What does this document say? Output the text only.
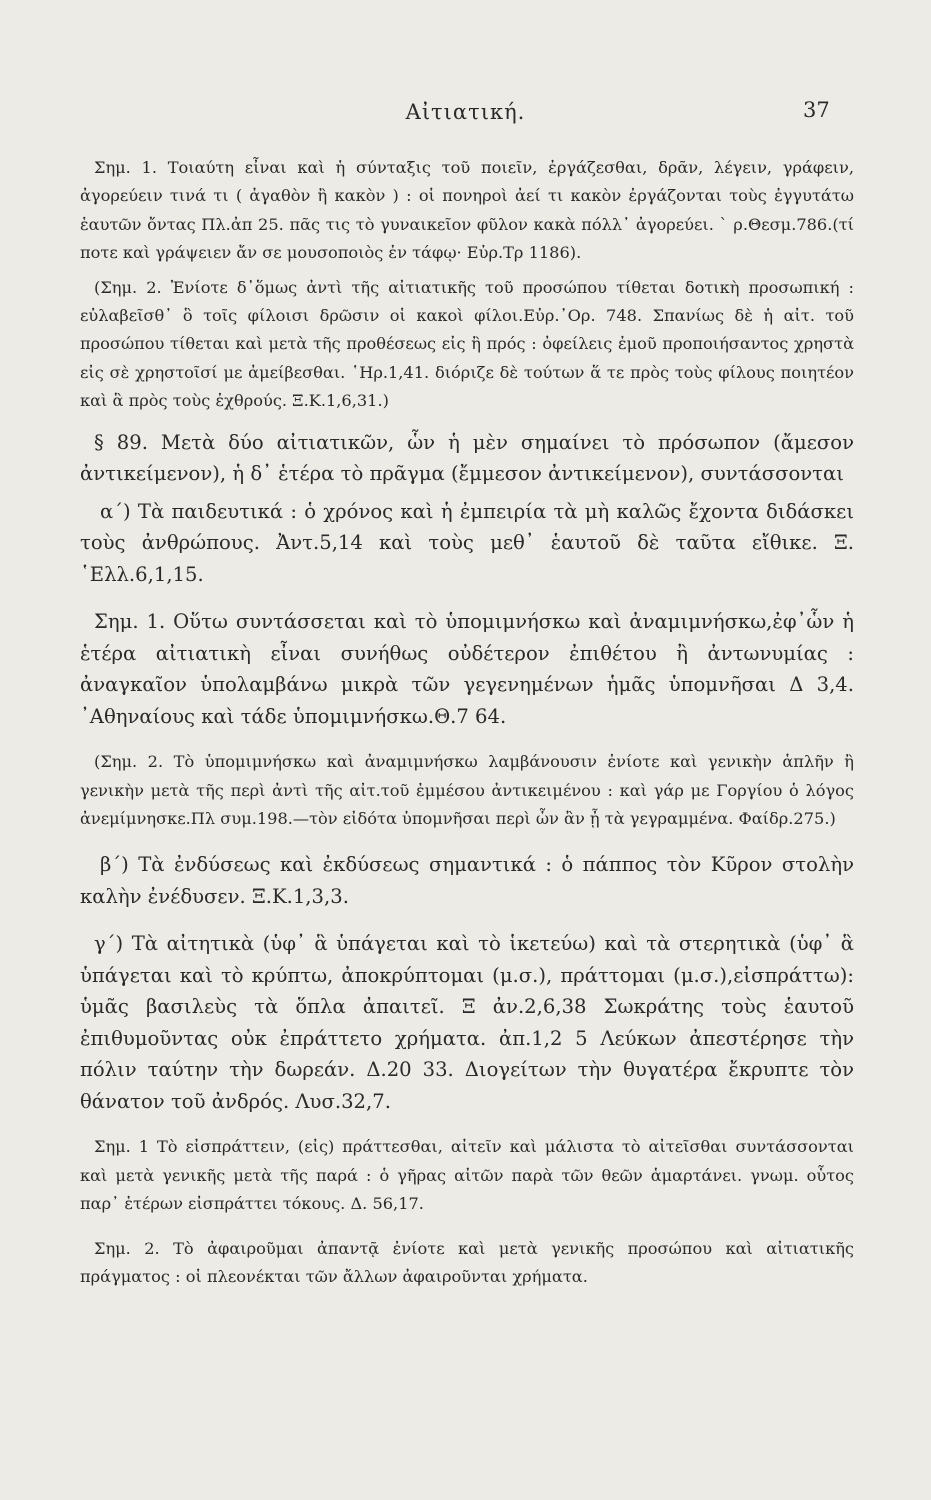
Αἰτιατική.	37

Σημ. 1. Τοιαύτη εἶναι καὶ ἡ σύνταξις τοῦ ποιεῖν, ἐργάζεσθαι, δρᾶν, λέγειν, γράφειν, ἀγορεύειν τινά τι ( ἀγαθὸν ἢ κακὸν ) : οἱ πονηροὶ ἀεί τι κακὸν ἐργάζονται τοὺς ἐγγυτάτω ἑαυτῶν ὄντας Πλ.ἀπ 25. πᾶς τις τὸ γυναικεῖον φῦλον κακὰ πόλλ᾽ ἀγορεύει. ` ρ.Θεσμ.786.(τί ποτε καὶ γράψειεν ἄν σε μουσοποιὸς ἐν τάφῳ· Εὐρ.Τρ 1186).

(Σημ. 2. Ἐνίοτε δ᾽ὅμως ἀντὶ τῆς αἰτιατικῆς τοῦ προσώπου τίθεται δοτικὴ προσωπική : εὐλαβεῖσθ᾽ ὃ τοῖς φίλοισι δρῶσιν οἱ κακοὶ φίλοι.Εὐρ.᾽Ορ. 748. Σπανίως δὲ ἡ αἰτ. τοῦ προσώπου τίθεται καὶ μετὰ τῆς προθέσεως εἰς ἢ πρός : ὀφείλεις ἐμοῦ προποιήσαντος χρηστὰ εἰς σὲ χρηστοῖσί με ἀμείβεσθαι. ῾Ηρ.1,41. διόριζε δὲ τούτων ἅ τε πρὸς τοὺς φίλους ποιητέον καὶ ἃ πρὸς τοὺς ἐχθρούς. Ξ.Κ.1,6,31.)

§ 89. Μετὰ δύο αἰτιατικῶν, ὧν ἡ μὲν σημαίνει τὸ πρόσωπον (ἄμεσον ἀντικείμενον), ἡ δ᾽ ἑτέρα τὸ πρᾶγμα (ἔμμεσον ἀντικείμενον), συντάσσονται

α΄) Τὰ παιδευτικά : ὁ χρόνος καὶ ἡ ἐμπειρία τὰ μὴ καλῶς ἔχοντα διδάσκει τοὺς ἀνθρώπους. Ἀντ.5,14 καὶ τοὺς μεθ᾽ ἑαυτοῦ δὲ ταῦτα εἴθικε. Ξ. ῾Ελλ.6,1,15.

Σημ. 1. Οὕτω συντάσσεται καὶ τὸ ὑπομιμνήσκω καὶ ἀναμιμνήσκω,ἐφ᾽ὧν ἡ ἑτέρα αἰτιατικὴ εἶναι συνήθως οὐδέτερον ἐπιθέτου ἢ ἀντωνυμίας : ἀναγκαῖον ὑπολαμβάνω μικρὰ τῶν γεγενημένων ἡμᾶς ὑπομνῆσαι Δ 3,4. ᾽Αθηναίους καὶ τάδε ὑπομιμνήσκω.Θ.7 64.

(Σημ. 2. Τὸ ὑπομιμνήσκω καὶ ἀναμιμνήσκω λαμβάνουσιν ἐνίοτε καὶ γενικὴν ἁπλῆν ἢ γενικὴν μετὰ τῆς περὶ ἀντὶ τῆς αἰτ.τοῦ ἐμμέσου ἀντικειμένου : καὶ γάρ με Γοργίου ὁ λόγος ἀνεμίμνησκε.Πλ συμ.198.—τὸν εἰδότα ὑπομνῆσαι περὶ ὧν ἂν ᾖ τὰ γεγραμμένα. Φαίδρ.275.)

β΄) Τὰ ἐνδύσεως καὶ ἐκδύσεως σημαντικά : ὁ πάππος τὸν Κῦρον στολὴν καλὴν ἐνέδυσεν. Ξ.Κ.1,3,3.

γ΄) Τὰ αἰτητικὰ (ὑφ᾽ ἃ ὑπάγεται καὶ τὸ ἱκετεύω) καὶ τὰ στερητικὰ (ὑφ᾽ ἃ ὑπάγεται καὶ τὸ κρύπτω, ἀποκρύπτομαι (μ.σ.), πράττομαι (μ.σ.),εἰσπράττω): ὑμᾶς βασιλεὺς τὰ ὅπλα ἀπαιτεῖ. Ξ ἀν.2,6,38 Σωκράτης τοὺς ἑαυτοῦ ἐπιθυμοῦντας οὐκ ἐπράττετο χρήματα. ἀπ.1,2 5 Λεύκων ἀπεστέρησε τὴν πόλιν ταύτην τὴν δωρεάν. Δ.20 33. Διογείτων τὴν θυγατέρα ἔκρυπτε τὸν θάνατον τοῦ ἀνδρός. Λυσ.32,7.

Σημ. 1 Τὸ εἰσπράττειν, (εἰς) πράττεσθαι, αἰτεῖν καὶ μάλιστα τὸ αἰτεῖσθαι συντάσσονται καὶ μετὰ γενικῆς μετὰ τῆς παρά : ὁ γῆρας αἰτῶν παρὰ τῶν θεῶν ἁμαρτάνει. γνωμ. οὗτος παρ᾽ ἑτέρων εἰσπράττει τόκους. Δ. 56,17.

Σημ. 2. Τὸ ἀφαιροῦμαι ἀπαντᾷ ἐνίοτε καὶ μετὰ γενικῆς προσώπου καὶ αἰτιατικῆς πράγματος : οἱ πλεονέκται τῶν ἄλλων ἀφαιροῦνται χρήματα.
